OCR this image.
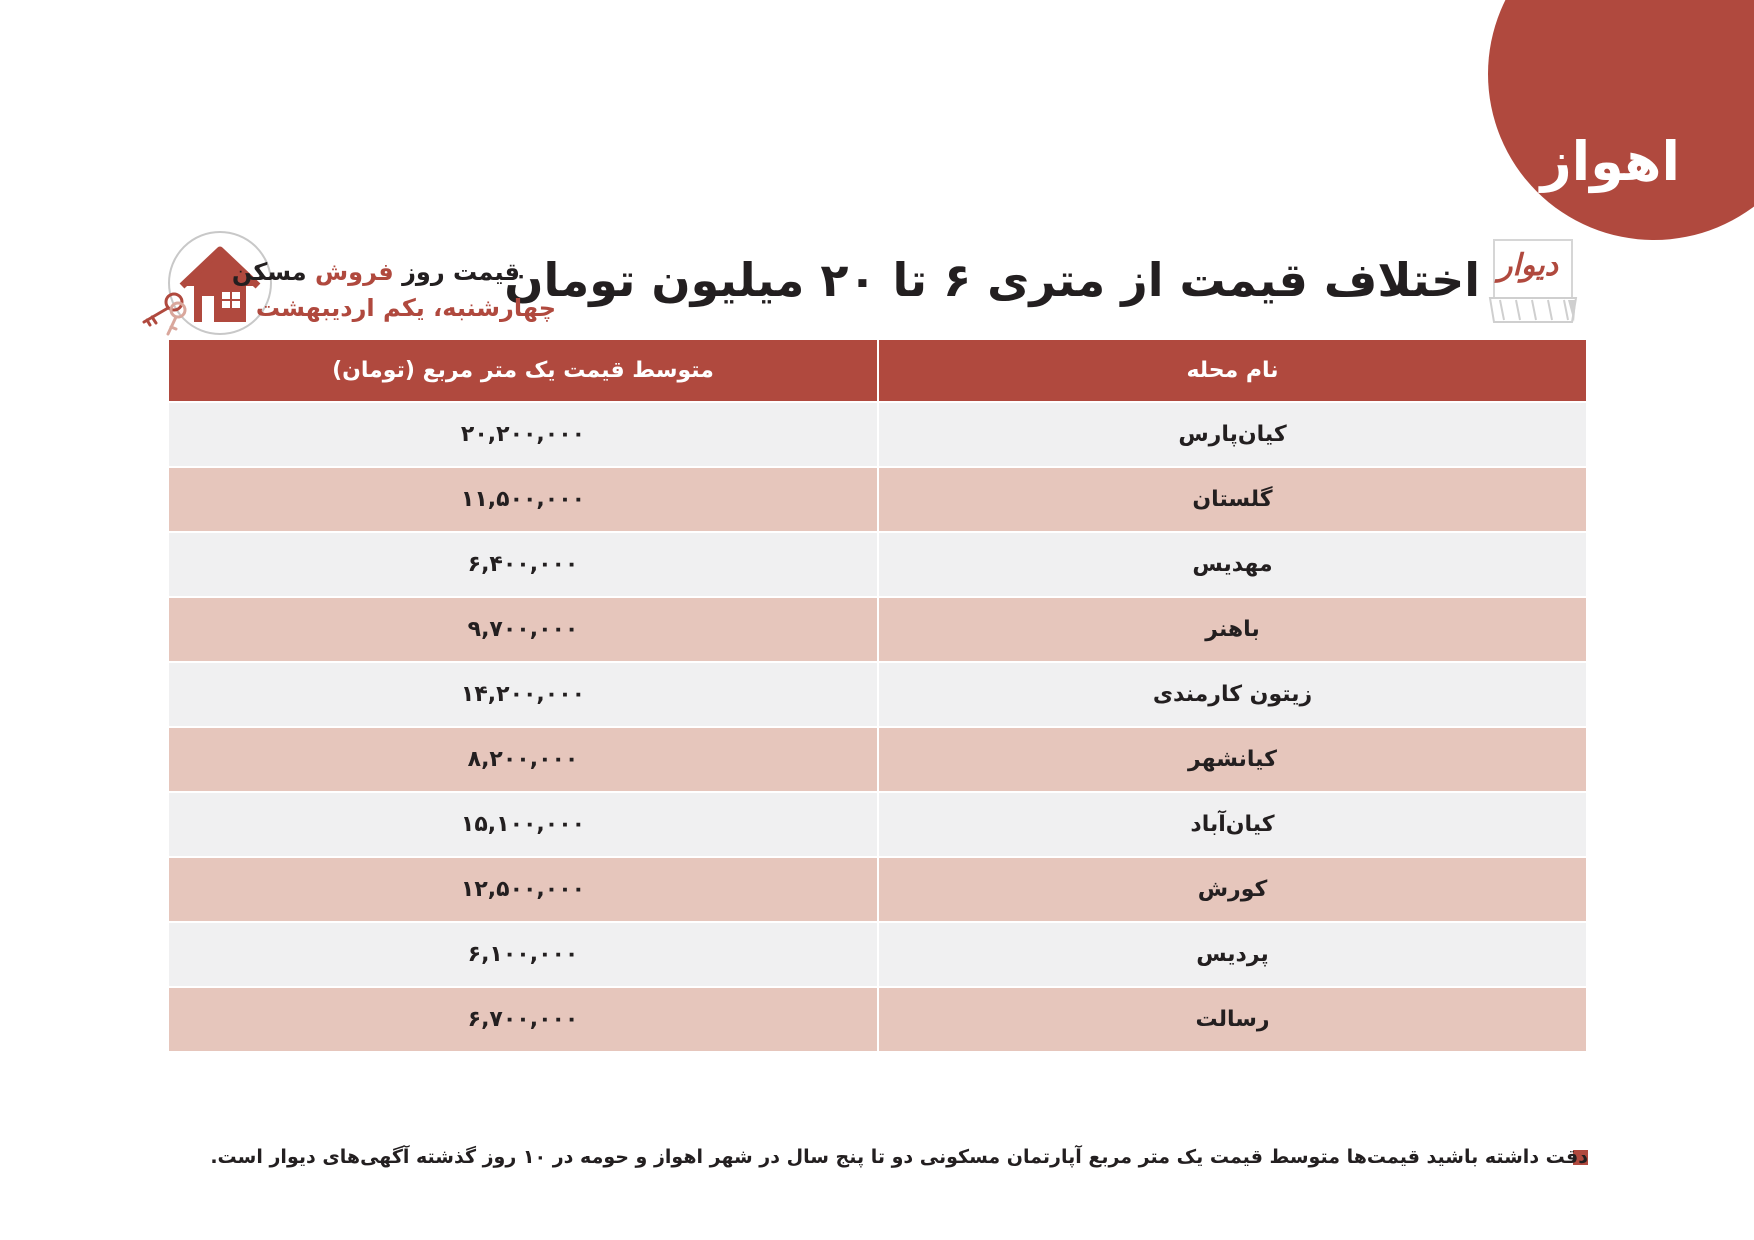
اهواز
دیوار
اختلاف قیمت از متری ۶ تا ۲۰ میلیون تومان
قیمت روز فروش مسکن
چهارشنبه، یکم اردیبهشت
نام محله	متوسط قیمت یک متر مربع (تومان)
کیان‌پارس	۲۰,۲۰۰,۰۰۰
گلستان	۱۱,۵۰۰,۰۰۰
مهدیس	۶,۴۰۰,۰۰۰
باهنر	۹,۷۰۰,۰۰۰
زیتون کارمندی	۱۴,۲۰۰,۰۰۰
کیانشهر	۸,۲۰۰,۰۰۰
کیان‌آباد	۱۵,۱۰۰,۰۰۰
کورش	۱۲,۵۰۰,۰۰۰
پردیس	۶,۱۰۰,۰۰۰
رسالت	۶,۷۰۰,۰۰۰
دقت داشته باشید قیمت‌ها متوسط قیمت یک متر مربع آپارتمان مسکونی دو تا پنج سال در شهر اهواز و حومه در ۱۰ روز گذشته آگهی‌های دیوار است.
